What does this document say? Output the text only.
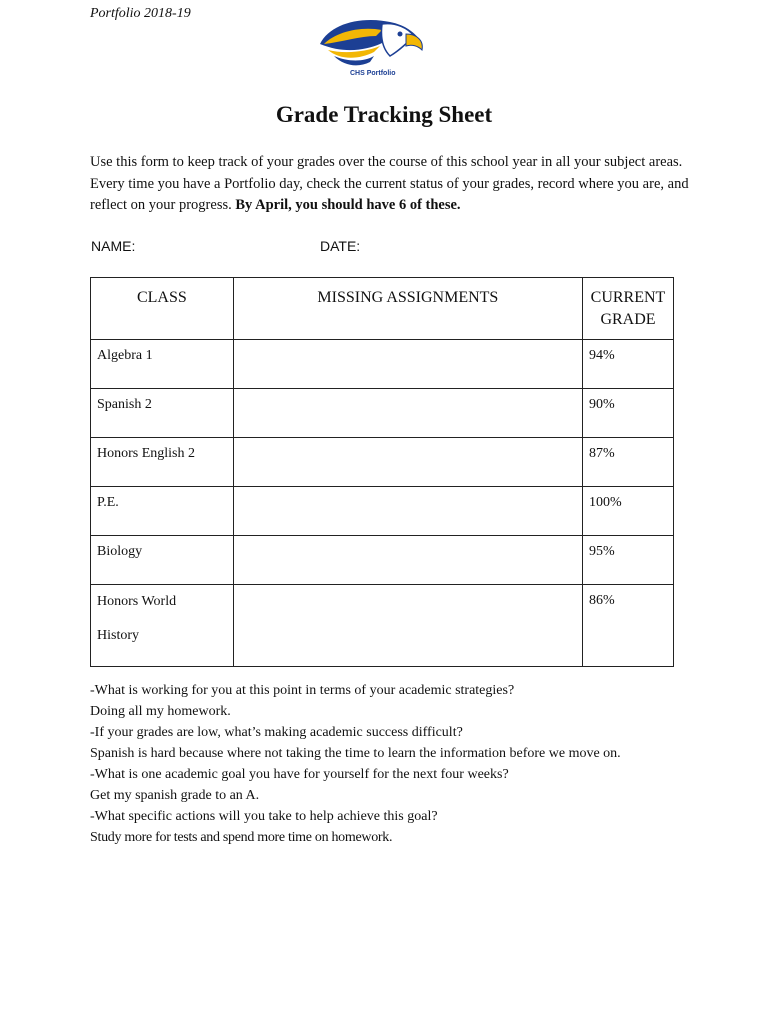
Portfolio 2018-19
CHS Portfolio
Grade Tracking Sheet
Use this form to keep track of your grades over the course of this school year in all your subject areas. Every time you have a Portfolio day, check the current status of your grades, record where you are, and reflect on your progress. By April, you should have 6 of these.
NAME:	DATE:
CLASS	MISSING ASSIGNMENTS	CURRENT
GRADE
Algebra 1		94%
Spanish 2		90%
Honors English 2		87%
P.E.		100%
Biology		95%

Honors World
History		86%

-What is working for you at this point in terms of your academic strategies?

Doing all my homework.

-If your grades are low, what’s making academic success difficult?

Spanish is hard because where not taking the time to learn the information before we move on.

-What is one academic goal you have for yourself for the next four weeks?

Get my spanish grade to an A.

-What specific actions will you take to help achieve this goal?

Study more for tests and spend more time on homework.
